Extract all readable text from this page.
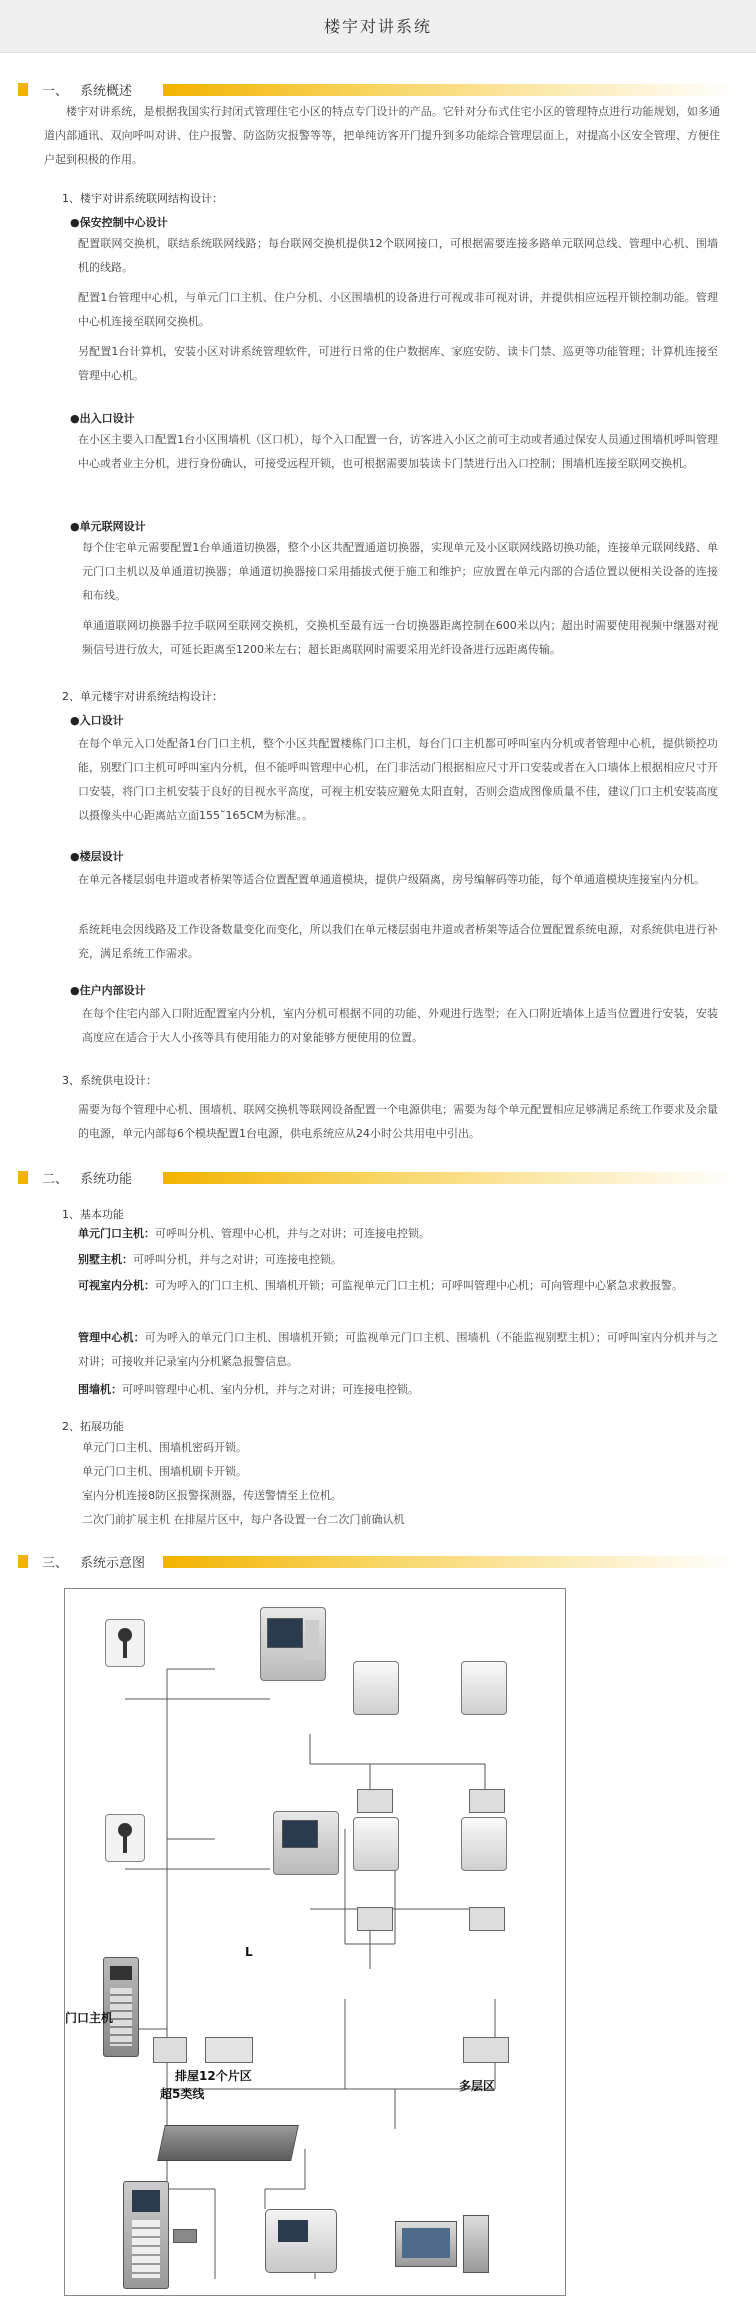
楼宇对讲系统
一、 系统概述
楼宇对讲系统，是根据我国实行封闭式管理住宅小区的特点专门设计的产品。它针对分布式住宅小区的管理特点进行功能规划，如多通道内部通讯、双向呼叫对讲、住户报警、防盗防灾报警等等，把单纯访客开门提升到多功能综合管理层面上，对提高小区安全管理、方便住户起到积极的作用。
1、楼宇对讲系统联网结构设计：
●保安控制中心设计
配置联网交换机，联结系统联网线路；每台联网交换机提供12个联网接口，可根据需要连接多路单元联网总线、管理中心机、围墙机的线路。
配置1台管理中心机，与单元门口主机、住户分机、小区围墙机的设备进行可视或非可视对讲，并提供相应远程开锁控制功能。管理中心机连接至联网交换机。
另配置1台计算机，安装小区对讲系统管理软件，可进行日常的住户数据库、家庭安防、读卡门禁、巡更等功能管理；计算机连接至管理中心机。
●出入口设计
在小区主要入口配置1台小区围墙机（区口机），每个入口配置一台，访客进入小区之前可主动或者通过保安人员通过围墙机呼叫管理中心或者业主分机，进行身份确认，可接受远程开锁，也可根据需要加装读卡门禁进行出入口控制；围墙机连接至联网交换机。
●单元联网设计
每个住宅单元需要配置1台单通道切换器，整个小区共配置通道切换器，实现单元及小区联网线路切换功能，连接单元联网线路、单元门口主机以及单通道切换器；单通道切换器接口采用插拔式便于施工和维护；应放置在单元内部的合适位置以便相关设备的连接和布线。
单通道联网切换器手拉手联网至联网交换机，交换机至最有远一台切换器距离控制在600米以内；超出时需要使用视频中继器对视频信号进行放大，可延长距离至1200米左右；超长距离联网时需要采用光纤设备进行远距离传输。
2、单元楼宇对讲系统结构设计：
●入口设计
在每个单元入口处配备1台门口主机，整个小区共配置楼栋门口主机，每台门口主机都可呼叫室内分机或者管理中心机，提供锁控功能，别墅门口主机可呼叫室内分机，但不能呼叫管理中心机，在门非活动门根据相应尺寸开口安装或者在入口墙体上根据相应尺寸开口安装，将门口主机安装于良好的目视水平高度，可视主机安装应避免太阳直射，否则会造成图像质量不佳，建议门口主机安装高度以摄像头中心距离站立面155˜165CM为标准。。
●楼层设计
在单元各楼层弱电井道或者桥架等适合位置配置单通道模块，提供户级隔离，房号编解码等功能，每个单通道模块连接室内分机。
系统耗电会因线路及工作设备数量变化而变化，所以我们在单元楼层弱电井道或者桥架等适合位置配置系统电源，对系统供电进行补充，满足系统工作需求。
●住户内部设计
在每个住宅内部入口附近配置室内分机，室内分机可根据不同的功能、外观进行选型；在入口附近墙体上适当位置进行安装，安装高度应在适合于大人小孩等具有使用能力的对象能够方便使用的位置。
3、系统供电设计：
需要为每个管理中心机、围墙机、联网交换机等联网设备配置一个电源供电；需要为每个单元配置相应足够满足系统工作要求及余量的电源，单元内部每6个模块配置1台电源，供电系统应从24小时公共用电中引出。
二、 系统功能
1、基本功能
单元门口主机：可呼叫分机、管理中心机，并与之对讲；可连接电控锁。
别墅主机：可呼叫分机，并与之对讲；可连接电控锁。
可视室内分机：可为呼入的门口主机、围墙机开锁；可监视单元门口主机；可呼叫管理中心机；可向管理中心紧急求救报警。
管理中心机：可为呼入的单元门口主机、围墙机开锁；可监视单元门口主机、围墙机（不能监视别墅主机）；可呼叫室内分机并与之对讲；可接收并记录室内分机紧急报警信息。
围墙机：可呼叫管理中心机、室内分机，并与之对讲；可连接电控锁。
2、拓展功能
单元门口主机、围墙机密码开锁。
单元门口主机、围墙机刷卡开锁。
室内分机连接8防区报警探测器，传送警情至上位机。
二次门前扩展主机 在排屋片区中，每户各设置一台二次门前确认机
三、 系统示意图
L
门口主机
排屋12个片区
超5类线
多层区
